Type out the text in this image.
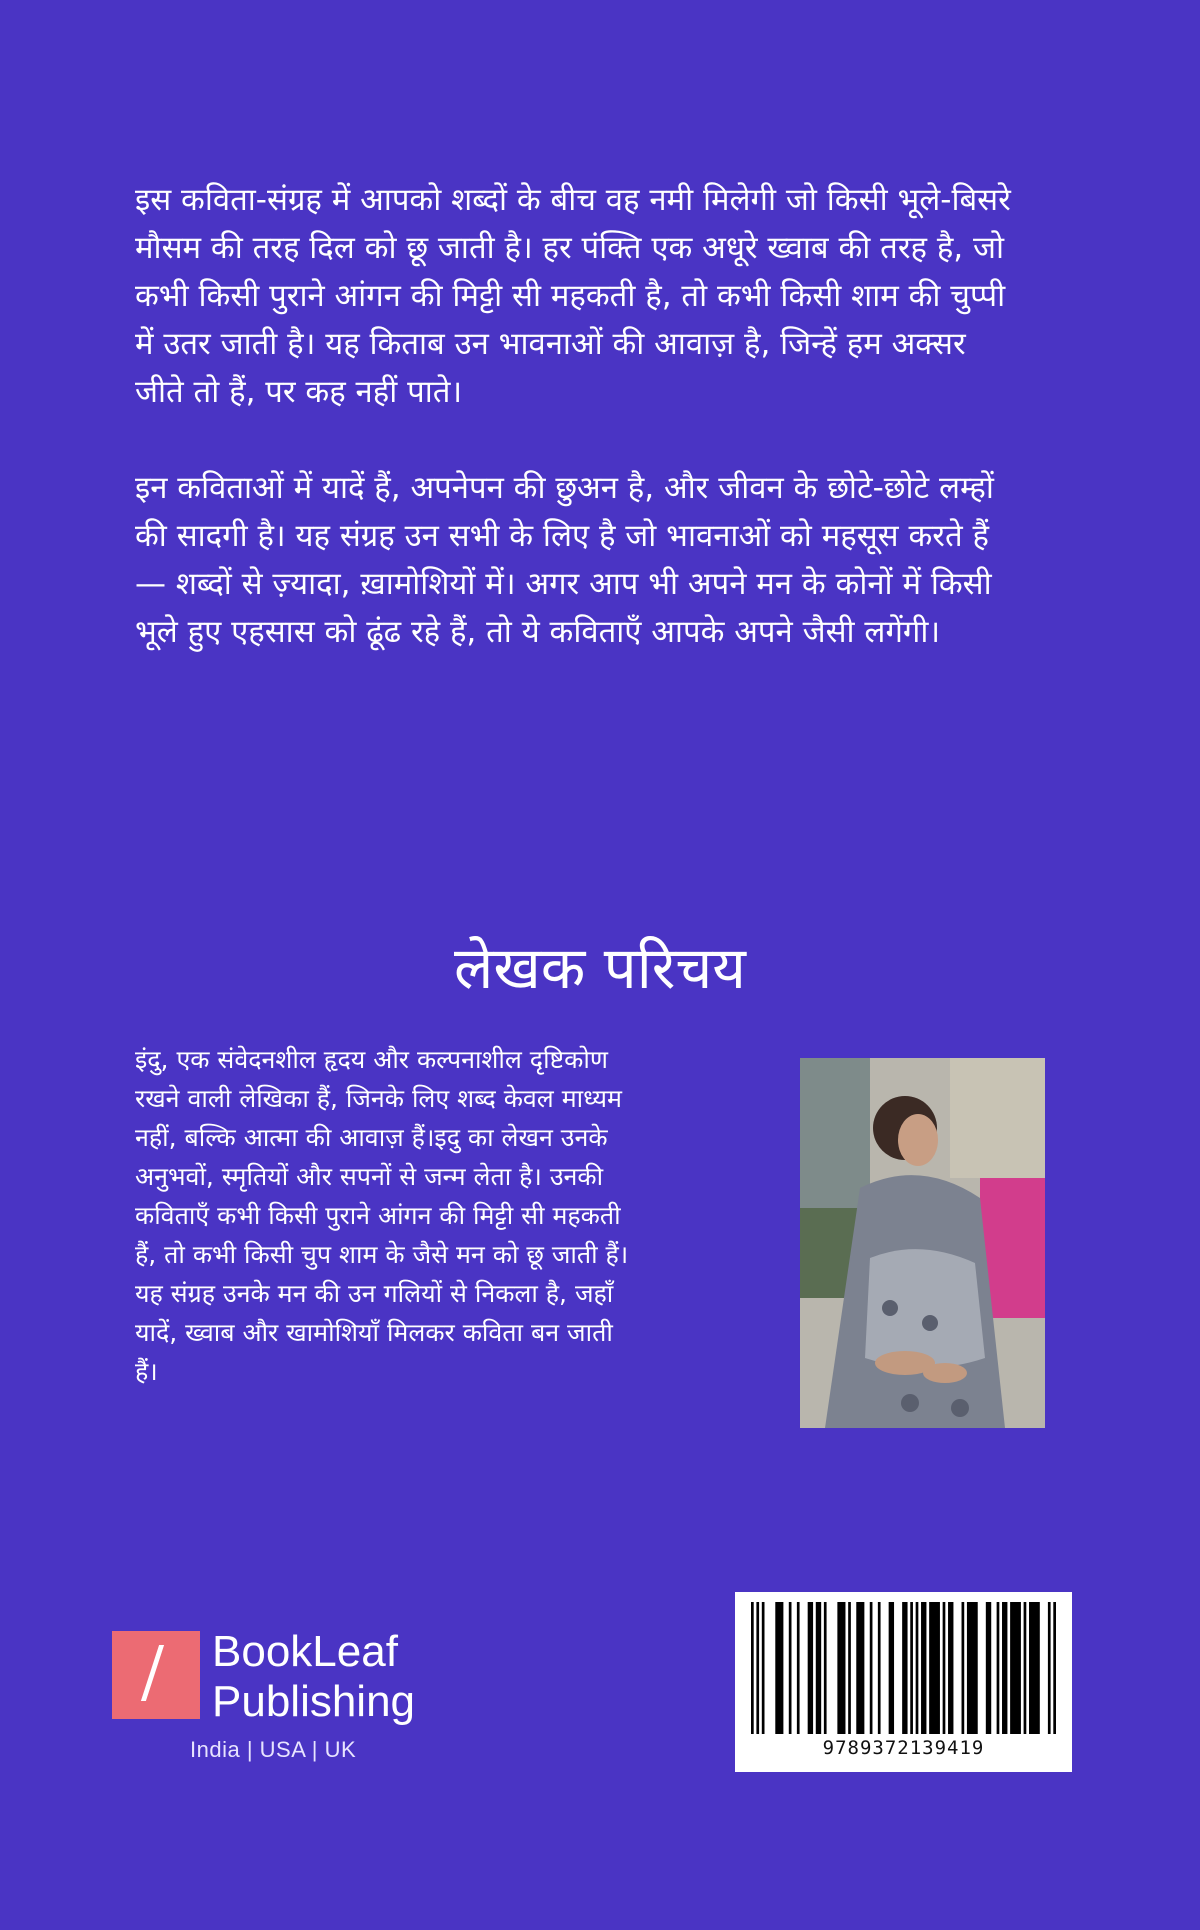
इस कविता-संग्रह में आपको शब्दों के बीच वह नमी मिलेगी जो किसी भूले-बिसरे मौसम की तरह दिल को छू जाती है। हर पंक्ति एक अधूरे ख्वाब की तरह है, जो कभी किसी पुराने आंगन की मिट्टी सी महकती है, तो कभी किसी शाम की चुप्पी में उतर जाती है। यह किताब उन भावनाओं की आवाज़ है, जिन्हें हम अक्सर जीते तो हैं, पर कह नहीं पाते।

इन कविताओं में यादें हैं, अपनेपन की छुअन है, और जीवन के छोटे-छोटे लम्हों की सादगी है। यह संग्रह उन सभी के लिए है जो भावनाओं को महसूस करते हैं — शब्दों से ज़्यादा, ख़ामोशियों में। अगर आप भी अपने मन के कोनों में किसी भूले हुए एहसास को ढूंढ रहे हैं, तो ये कविताएँ आपके अपने जैसी लगेंगी।

लेखक परिचय

इंदु, एक संवेदनशील हृदय और कल्पनाशील दृष्टिकोण रखने वाली लेखिका हैं, जिनके लिए शब्द केवल माध्यम नहीं, बल्कि आत्मा की आवाज़ हैं।इदु का लेखन उनके अनुभवों, स्मृतियों और सपनों से जन्म लेता है। उनकी कविताएँ कभी किसी पुराने आंगन की मिट्टी सी महकती हैं, तो कभी किसी चुप शाम के जैसे मन को छू जाती हैं।

यह संग्रह उनके मन की उन गलियों से निकला है, जहाँ यादें, ख्वाब और खामोशियाँ मिलकर कविता बन जाती हैं।

BookLeaf
Publishing
India | USA | UK	9789372139419
